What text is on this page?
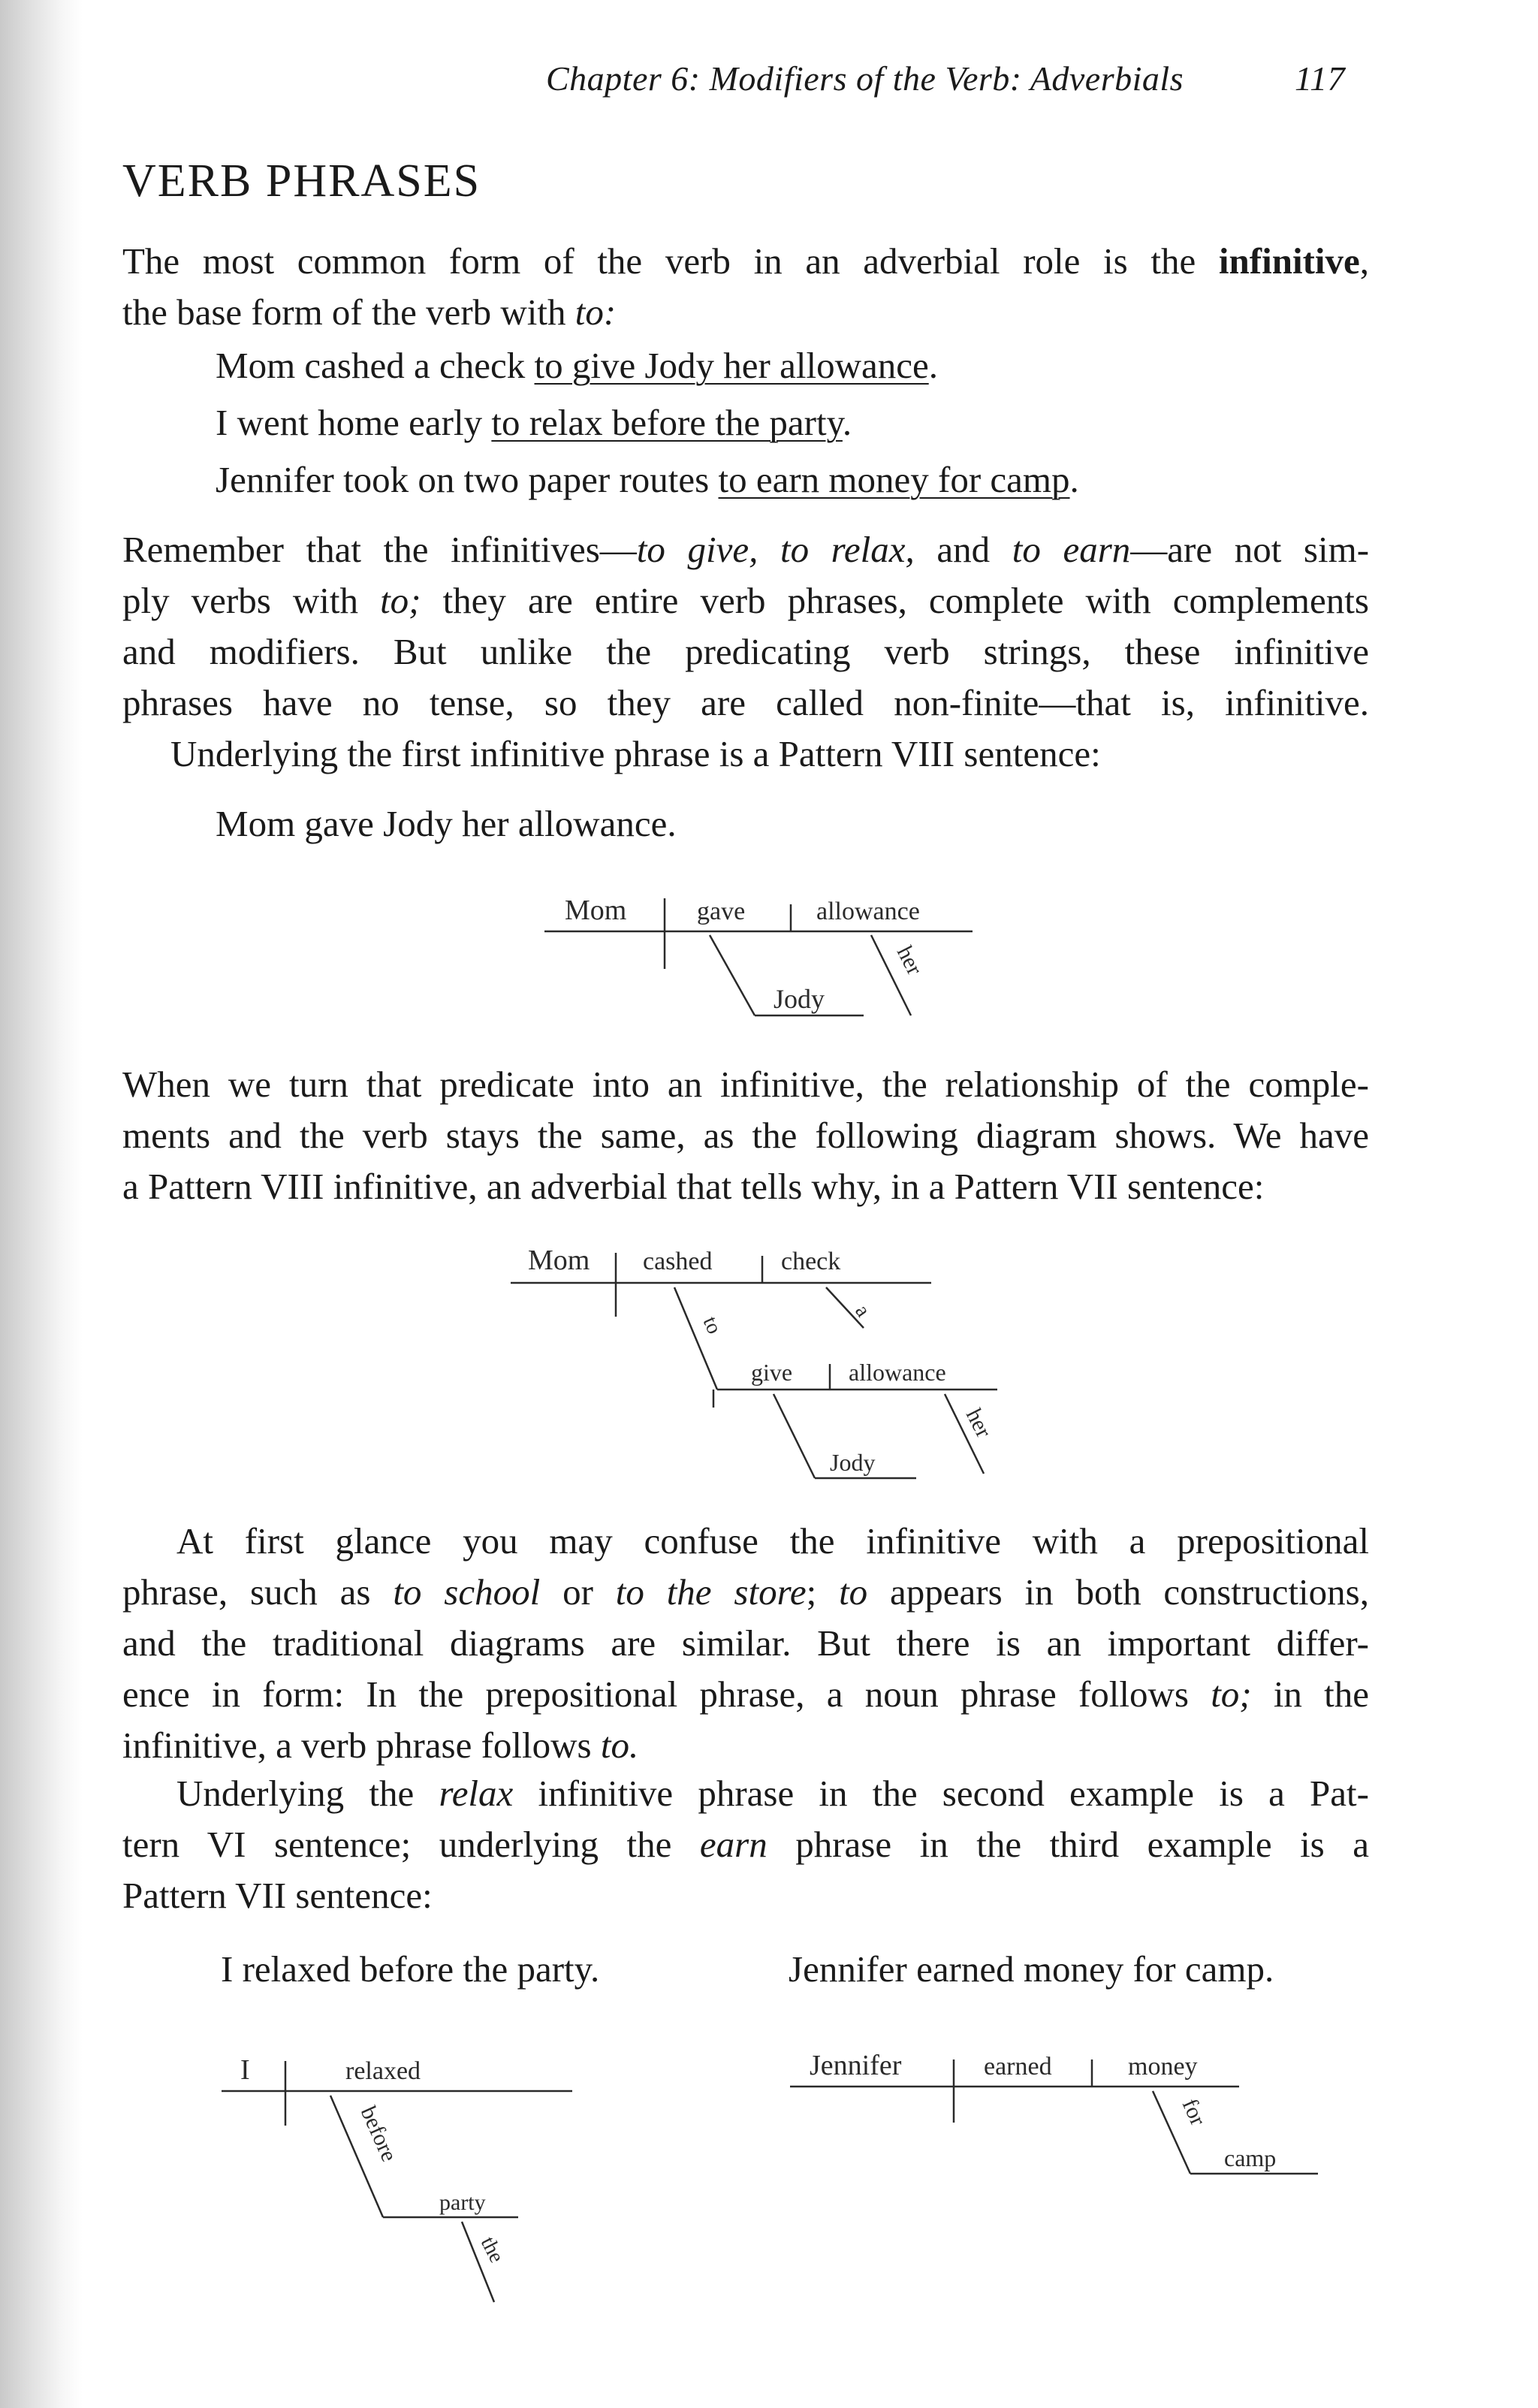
Chapter 6: Modifiers of the Verb: Adverbials	117
VERB PHRASES
The most common form of the verb in an adverbial role is the infinitive,
the base form of the verb with to:
Mom cashed a check to give Jody her allowance.
I went home early to relax before the party.
Jennifer took on two paper routes to earn money for camp.
Remember that the infinitives—to give, to relax, and to earn—are not sim-
ply verbs with to; they are entire verb phrases, complete with complements
and modifiers. But unlike the predicating verb strings, these infinitive
phrases have no tense, so they are called non-finite—that is, infinitive.
Underlying the first infinitive phrase is a Pattern VIII sentence:
Mom gave Jody her allowance.
Mom	gave	allowance
Jody
her
When we turn that predicate into an infinitive, the relationship of the comple-
ments and the verb stays the same, as the following diagram shows. We have
a Pattern VIII infinitive, an adverbial that tells why, in a Pattern VII sentence:
Mom cashed	check
a
to
give allowance
Jody
her
At first glance you may confuse the infinitive with a prepositional
phrase, such as to school or to the store; to appears in both constructions,
and the traditional diagrams are similar. But there is an important differ-
ence in form: In the prepositional phrase, a noun phrase follows to; in the
infinitive, a verb phrase follows to.
Underlying the relax infinitive phrase in the second example is a Pat-
tern VI sentence; underlying the earn phrase in the third example is a
Pattern VII sentence:
I relaxed before the party.	Jennifer earned money for camp.
I	relaxed
before
party
the
Jennifer	earned	money
for
camp
